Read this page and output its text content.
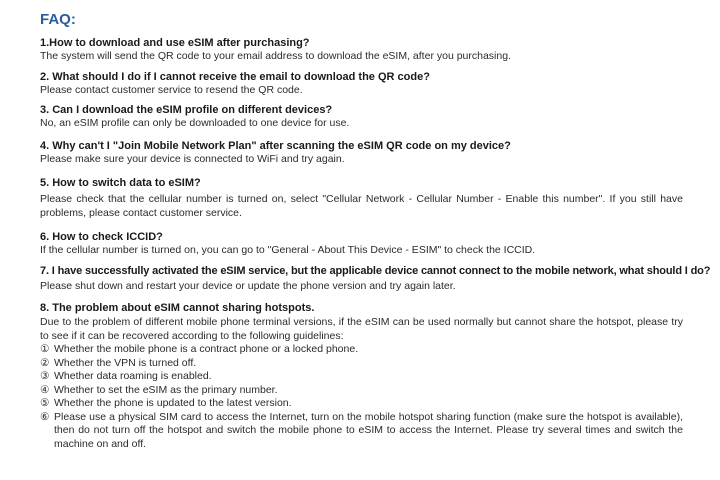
FAQ:
1.How to download and use eSIM after purchasing?
The system will send the QR code to your email address to download the eSIM, after you purchasing.
2. What should I do if I cannot receive the email to download the QR code?
Please contact customer service to resend the QR code.
3. Can I download the eSIM profile on different devices?
No, an eSIM profile can only be downloaded to one device for use.
4. Why can't I "Join Mobile Network Plan" after scanning the eSIM QR code on my device?
Please make sure your device is connected to WiFi and try again.
5. How to switch data to eSIM?
Please check that the cellular number is turned on, select "Cellular Network - Cellular Number - Enable this number". If you still have problems, please contact customer service.
6. How to check ICCID?
If the cellular number is turned on, you can go to "General - About This Device - ESIM" to check the ICCID.
7. I have successfully activated the eSIM service, but the applicable device cannot connect to the mobile network, what should I do?
Please shut down and restart your device or update the phone version and try again later.
8. The problem about eSIM cannot sharing hotspots.
Due to the problem of different mobile phone terminal versions, if the eSIM can be used normally but cannot share the hotspot, please try to see if it can be recovered according to the following guidelines:
① Whether the mobile phone is a contract phone or a locked phone.
② Whether the VPN is turned off.
③ Whether data roaming is enabled.
④ Whether to set the eSIM as the primary number.
⑤ Whether the phone is updated to the latest version.
⑥ Please use a physical SIM card to access the Internet, turn on the mobile hotspot sharing function (make sure the hotspot is available), then do not turn off the hotspot and switch the mobile phone to eSIM to access the Internet. Please try several times and switch the machine on and off.
